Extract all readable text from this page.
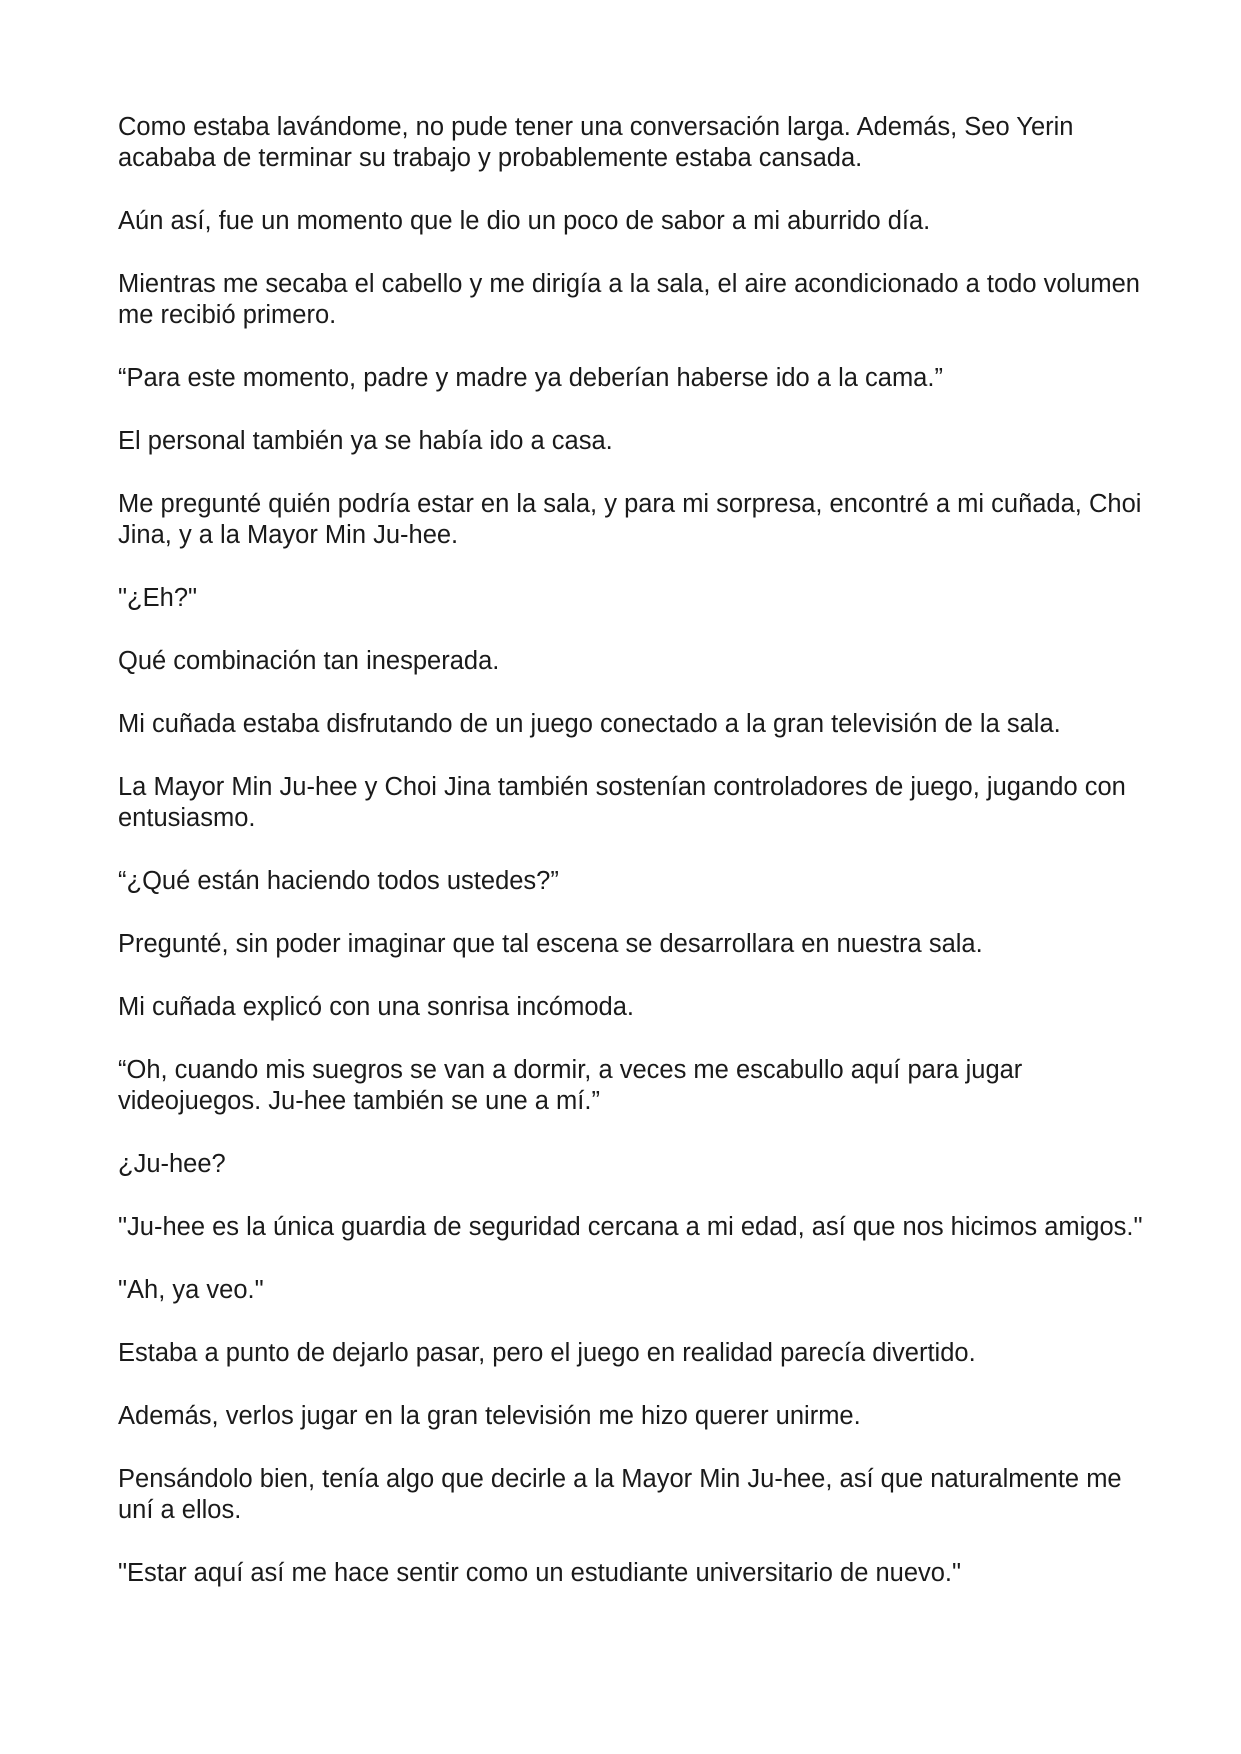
Como estaba lavándome, no pude tener una conversación larga. Además, Seo Yerin acababa de terminar su trabajo y probablemente estaba cansada.

Aún así, fue un momento que le dio un poco de sabor a mi aburrido día.

Mientras me secaba el cabello y me dirigía a la sala, el aire acondicionado a todo volumen me recibió primero.

“Para este momento, padre y madre ya deberían haberse ido a la cama.”

El personal también ya se había ido a casa.

Me pregunté quién podría estar en la sala, y para mi sorpresa, encontré a mi cuñada, Choi Jina, y a la Mayor Min Ju-hee.

"¿Eh?"

Qué combinación tan inesperada.

Mi cuñada estaba disfrutando de un juego conectado a la gran televisión de la sala.

La Mayor Min Ju-hee y Choi Jina también sostenían controladores de juego, jugando con entusiasmo.

“¿Qué están haciendo todos ustedes?”

Pregunté, sin poder imaginar que tal escena se desarrollara en nuestra sala.

Mi cuñada explicó con una sonrisa incómoda.

“Oh, cuando mis suegros se van a dormir, a veces me escabullo aquí para jugar videojuegos. Ju-hee también se une a mí.”

¿Ju-hee?

"Ju-hee es la única guardia de seguridad cercana a mi edad, así que nos hicimos amigos."

"Ah, ya veo."

Estaba a punto de dejarlo pasar, pero el juego en realidad parecía divertido.

Además, verlos jugar en la gran televisión me hizo querer unirme.

Pensándolo bien, tenía algo que decirle a la Mayor Min Ju-hee, así que naturalmente me uní a ellos.

"Estar aquí así me hace sentir como un estudiante universitario de nuevo."
